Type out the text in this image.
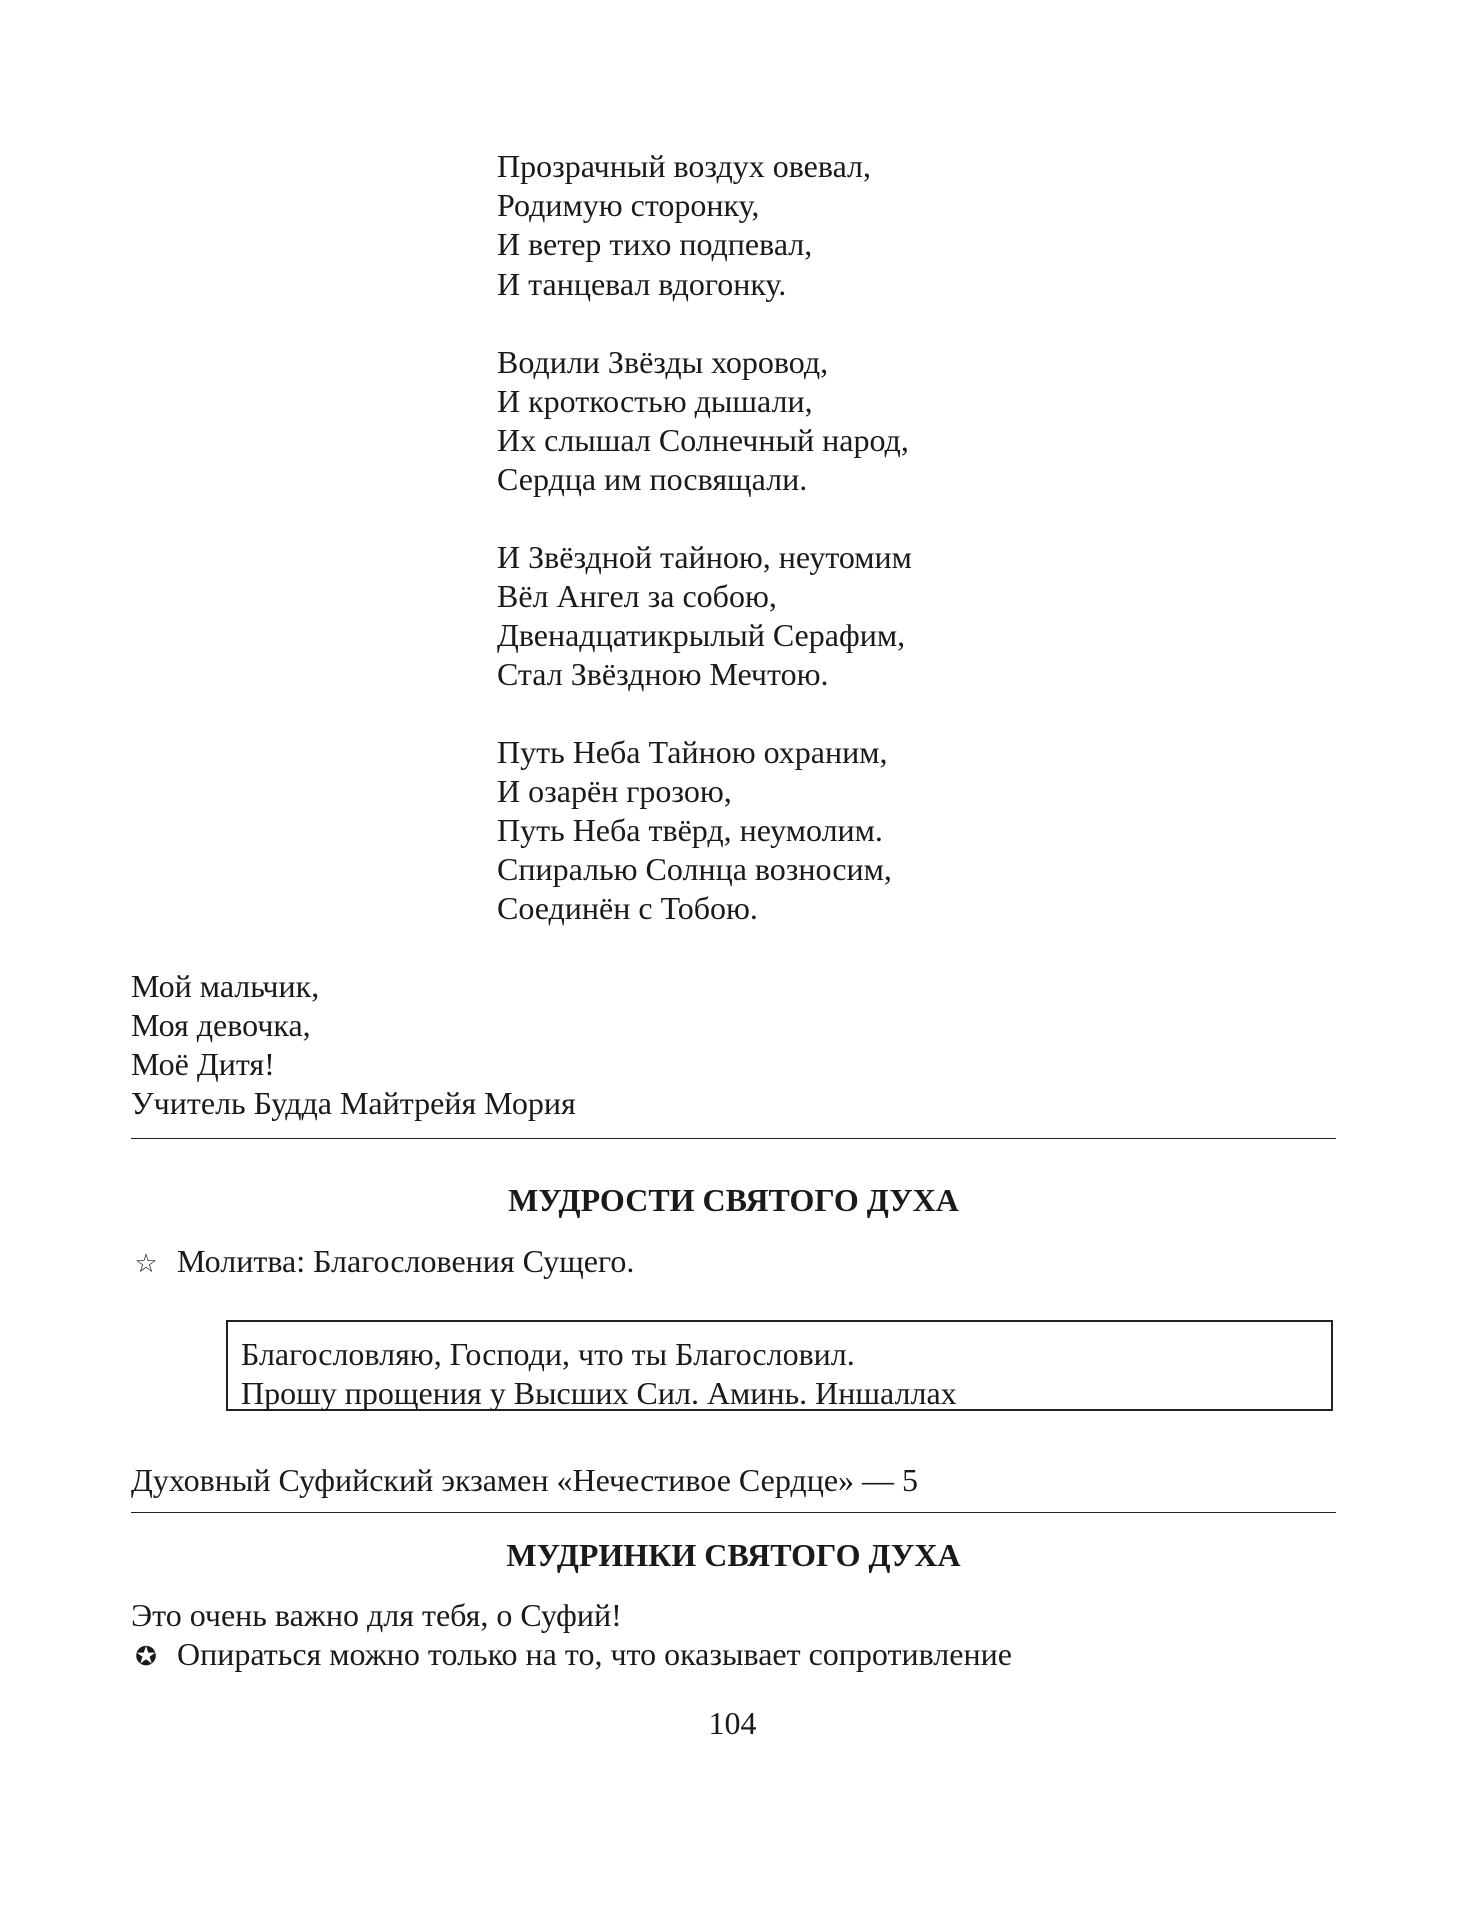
Прозрачный воздух овевал,
Родимую сторонку,
И ветер тихо подпевал,
И танцевал вдогонку.
Водили Звёзды хоровод,
И кроткостью дышали,
Их слышал Солнечный народ,
Сердца им посвящали.
И Звёздной тайною, неутомим
Вёл Ангел за собою,
Двенадцатикрылый Серафим,
Стал Звёздною Мечтою.
Путь Неба Тайною охраним,
И озарён грозою,
Путь Неба твёрд, неумолим.
Спиралью Солнца возносим,
Соединён с Тобою.
Мой мальчик,
Моя девочка,
Моё Дитя!
Учитель Будда Майтрейя Мория
МУДРОСТИ СВЯТОГО ДУХА
☆ Молитва: Благословения Сущего.
Благословляю, Господи, что ты Благословил.
Прошу прощения у Высших Сил. Аминь. Иншаллах
Духовный Суфийский экзамен «Нечестивое Сердце» — 5
МУДРИНКИ СВЯТОГО ДУХА
Это очень важно для тебя, о Суфий!
✪ Опираться можно только на то, что оказывает сопротивление
104
